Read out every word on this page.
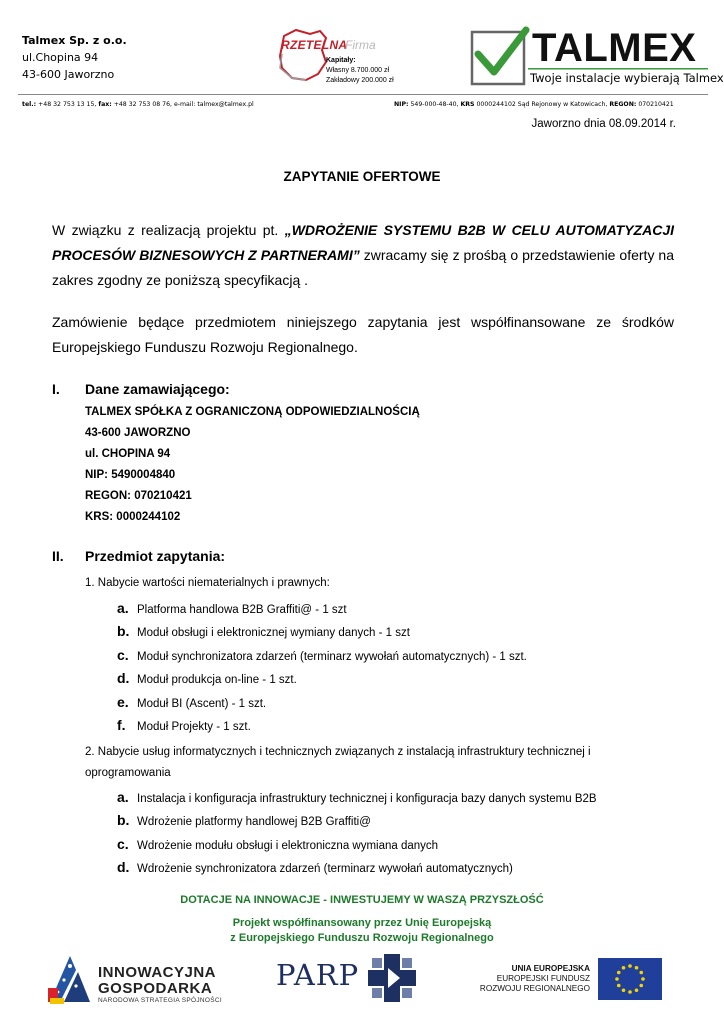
Talmex Sp. z o.o.
ul.Chopina 94
43-600 Jaworzno
RZETELNA
Firma
Kapitały:
Własny 8.700.000 zł
Zakładowy 200.000 zł
TALMEX
Twoje instalacje wybierają Talmex
tel.: +48 32 753 13 15, fax: +48 32 753 08 76, e-mail: talmex@talmex.pl	NIP: 549-000-48-40, KRS 0000244102 Sąd Rejonowy w Katowicach, REGON: 070210421
Jaworzno dnia 08.09.2014 r.
ZAPYTANIE OFERTOWE
W związku z realizacją projektu pt. „WDROŻENIE SYSTEMU B2B W CELU AUTOMATYZACJI PROCESÓW BIZNESOWYCH Z PARTNERAMI” zwracamy się z prośbą o przedstawienie oferty na zakres zgodny ze poniższą specyfikacją .
Zamówienie będące przedmiotem niniejszego zapytania jest współfinansowane ze środków Europejskiego Funduszu Rozwoju Regionalnego.
I. Dane zamawiającego:
TALMEX SPÓŁKA Z OGRANICZONĄ ODPOWIEDZIALNOŚCIĄ
43-600 JAWORZNO
ul. CHOPINA 94
NIP: 5490004840
REGON: 070210421
KRS: 0000244102
II. Przedmiot zapytania:
1. Nabycie wartości niematerialnych i prawnych:
a. Platforma handlowa B2B Graffiti@ - 1 szt
b. Moduł obsługi i elektronicznej wymiany danych - 1 szt
c. Moduł synchronizatora zdarzeń (terminarz wywołań automatycznych) - 1 szt.
d. Moduł produkcja on-line - 1 szt.
e. Moduł BI (Ascent) - 1 szt.
f. Moduł Projekty - 1 szt.
2. Nabycie usług informatycznych i technicznych związanych z instalacją infrastruktury technicznej i oprogramowania
a. Instalacja i konfiguracja infrastruktury technicznej i konfiguracja bazy danych systemu B2B
b. Wdrożenie platformy handlowej B2B Graffiti@
c. Wdrożenie modułu obsługi i elektroniczna wymiana danych
d. Wdrożenie synchronizatora zdarzeń (terminarz wywołań automatycznych)
DOTACJE NA INNOWACJE - INWESTUJEMY W WASZĄ PRZYSZŁOŚĆ
Projekt współfinansowany przez Unię Europejską
z Europejskiego Funduszu Rozwoju Regionalnego
INNOWACYJNA
GOSPODARKA
NARODOWA STRATEGIA SPÓJNOŚCI
PARP	UNIA EUROPEJSKA
EUROPEJSKI FUNDUSZ
ROZWOJU REGIONALNEGO
